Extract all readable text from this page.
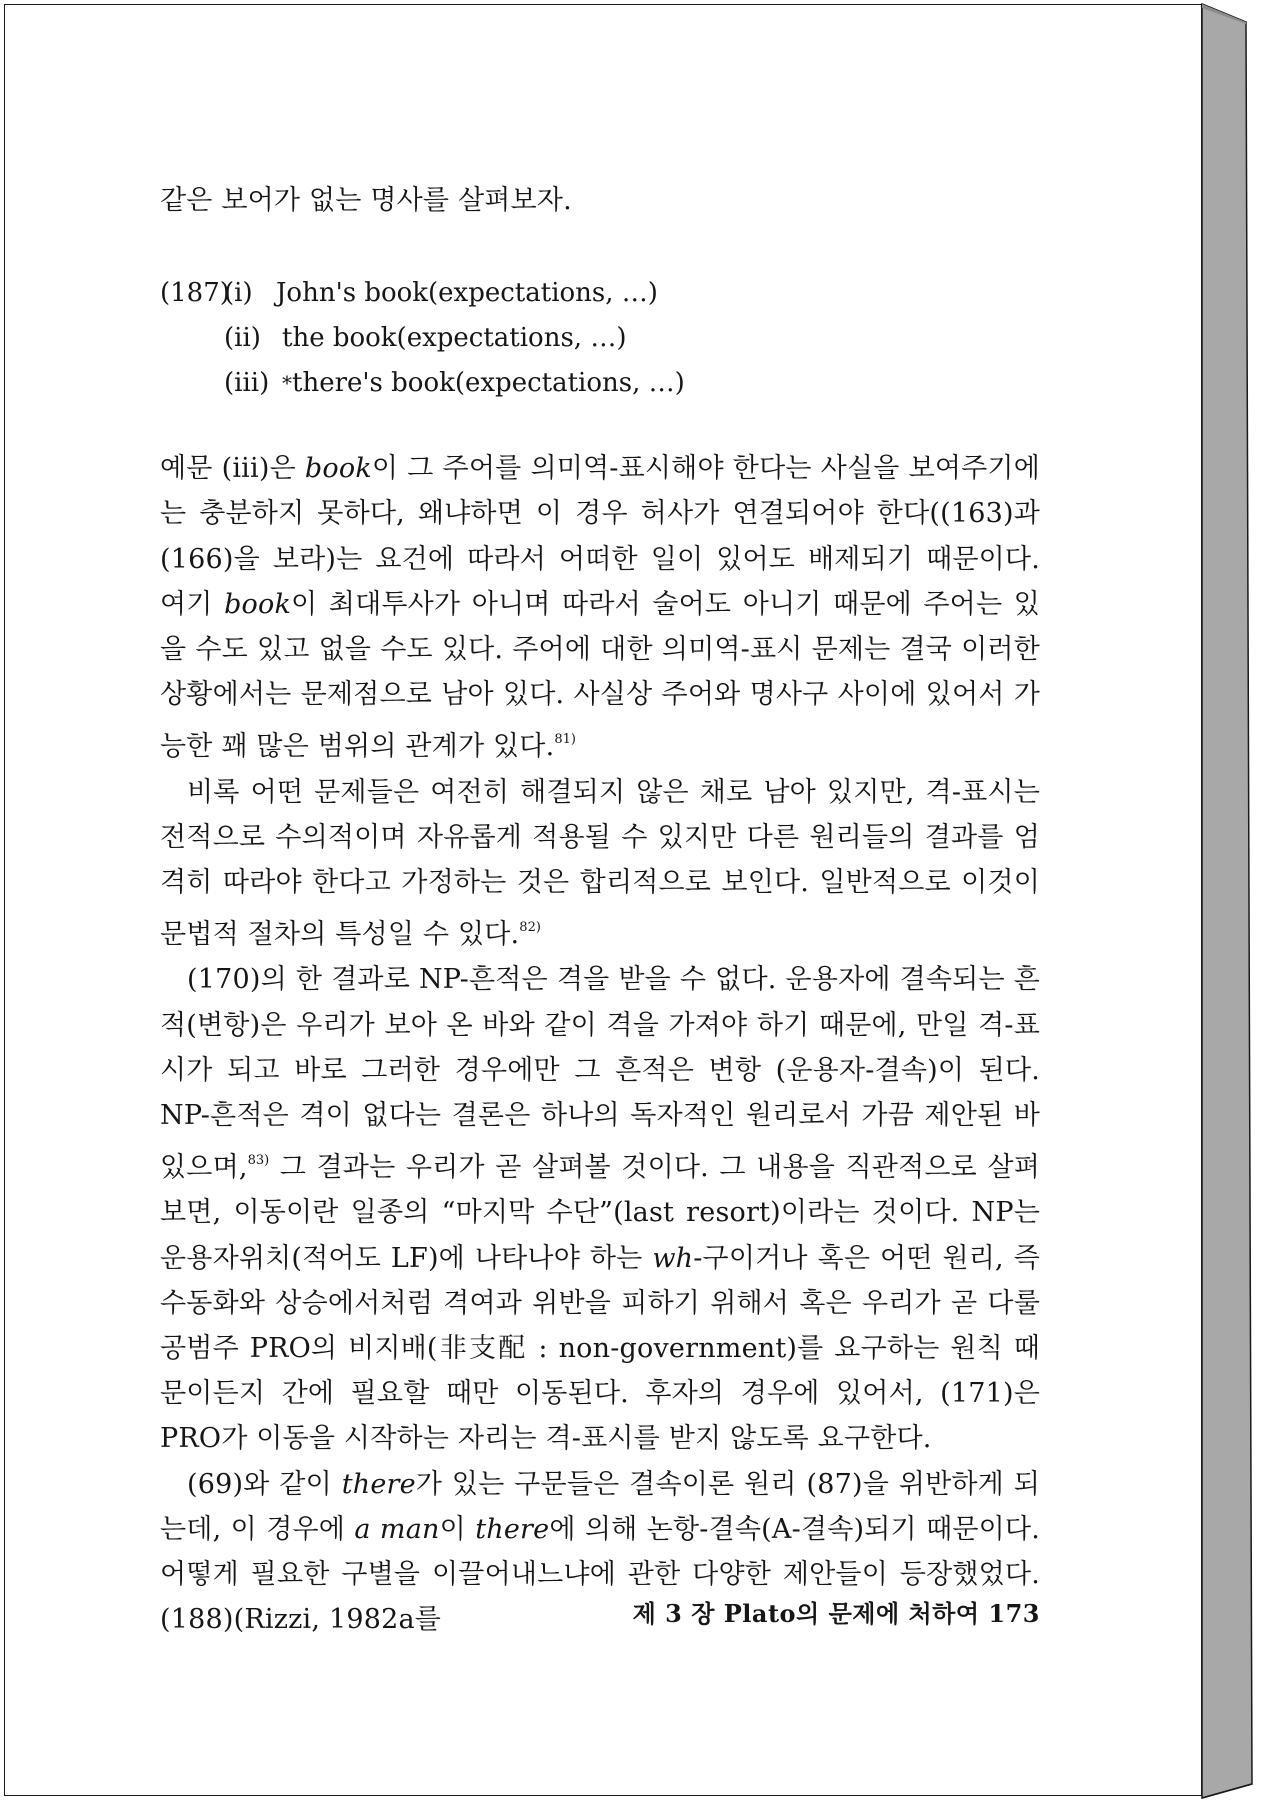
같은 보어가 없는 명사를 살펴보자.

(187)
(i) John's book(expectations, …)
(ii) the book(expectations, …)
(iii) * there's book(expectations, …)

예문 (iii)은 book이 그 주어를 의미역-표시해야 한다는 사실을 보여주기에는 충분하지 못하다, 왜냐하면 이 경우 허사가 연결되어야 한다((163)과 (166)을 보라)는 요건에 따라서 어떠한 일이 있어도 배제되기 때문이다. 여기 book이 최대투사가 아니며 따라서 술어도 아니기 때문에 주어는 있을 수도 있고 없을 수도 있다. 주어에 대한 의미역-표시 문제는 결국 이러한 상황에서는 문제점으로 남아 있다. 사실상 주어와 명사구 사이에 있어서 가능한 꽤 많은 범위의 관계가 있다.$^{81)}$

비록 어떤 문제들은 여전히 해결되지 않은 채로 남아 있지만, 격-표시는 전적으로 수의적이며 자유롭게 적용될 수 있지만 다른 원리들의 결과를 엄격히 따라야 한다고 가정하는 것은 합리적으로 보인다. 일반적으로 이것이 문법적 절차의 특성일 수 있다.$^{82)}$

(170)의 한 결과로 NP-흔적은 격을 받을 수 없다. 운용자에 결속되는 흔적(변항)은 우리가 보아 온 바와 같이 격을 가져야 하기 때문에, 만일 격-표시가 되고 바로 그러한 경우에만 그 흔적은 변항 (운용자-결속)이 된다. NP-흔적은 격이 없다는 결론은 하나의 독자적인 원리로서 가끔 제안된 바 있으며,$^{83)}$ 그 결과는 우리가 곧 살펴볼 것이다. 그 내용을 직관적으로 살펴보면, 이동이란 일종의 “마지막 수단”(last resort)이라는 것이다. NP는 운용자위치(적어도 LF)에 나타나야 하는 wh-구이거나 혹은 어떤 원리, 즉 수동화와 상승에서처럼 격여과 위반을 피하기 위해서 혹은 우리가 곧 다룰 공범주 PRO의 비지배(非支配 : non-government)를 요구하는 원칙 때문이든지 간에 필요할 때만 이동된다. 후자의 경우에 있어서, (171)은 PRO가 이동을 시작하는 자리는 격-표시를 받지 않도록 요구한다.

(69)와 같이 there가 있는 구문들은 결속이론 원리 (87)을 위반하게 되는데, 이 경우에 a man이 there에 의해 논항-결속(A-결속)되기 때문이다. 어떻게 필요한 구별을 이끌어내느냐에 관한 다양한 제안들이 등장했었다. (188)(Rizzi, 1982a를	제 3 장 Plato의 문제에 처하여 173
